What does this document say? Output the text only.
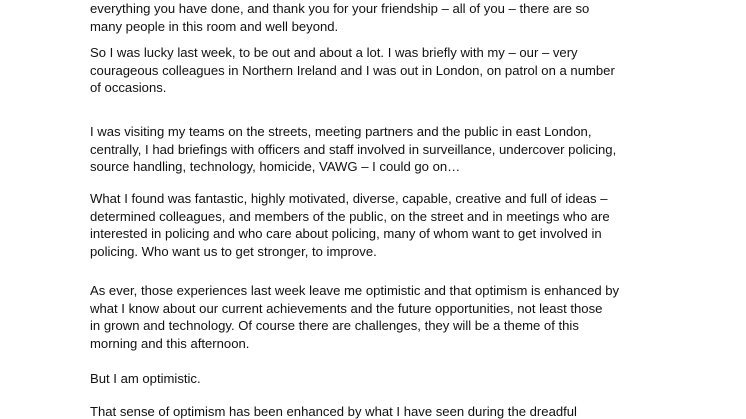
everything you have done, and thank you for your friendship – all of you – there are so
many people in this room and well beyond.

So I was lucky last week, to be out and about a lot. I was briefly with my – our – very
courageous colleagues in Northern Ireland and I was out in London, on patrol on a number
of occasions.

I was visiting my teams on the streets, meeting partners and the public in east London,
centrally, I had briefings with officers and staff involved in surveillance, undercover policing,
source handling, technology, homicide, VAWG – I could go on…

What I found was fantastic, highly motivated, diverse, capable, creative and full of ideas –
determined colleagues, and members of the public, on the street and in meetings who are
interested in policing and who care about policing, many of whom want to get involved in
policing. Who want us to get stronger, to improve.

As ever, those experiences last week leave me optimistic and that optimism is enhanced by
what I know about our current achievements and the future opportunities, not least those
in grown and technology. Of course there are challenges, they will be a theme of this
morning and this afternoon.

But I am optimistic.

That sense of optimism has been enhanced by what I have seen during the dreadful
